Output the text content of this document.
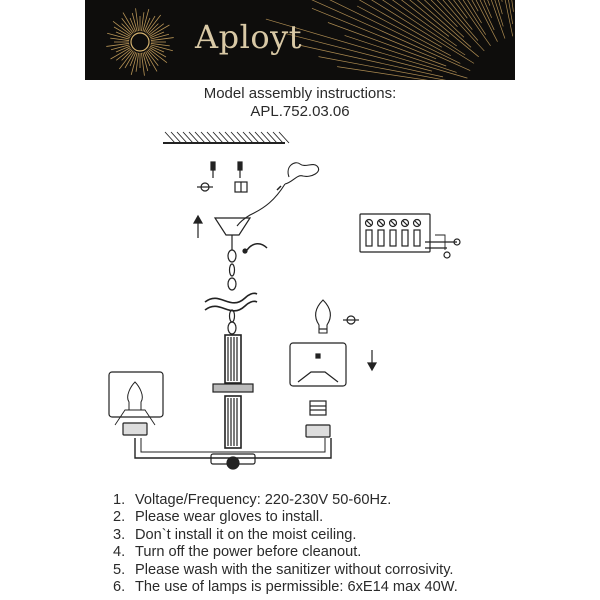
Aployt
Model assembly instructions:
APL.752.03.06
1. Voltage/Frequency: 220-230V 50-60Hz.
2. Please wear gloves to install.
3. Don`t install it on the moist ceiling.
4. Turn off the power before cleanout.
5. Please wash with the sanitizer without corrosivity.
6. The use of lamps is permissible: 6xE14 max 40W.
